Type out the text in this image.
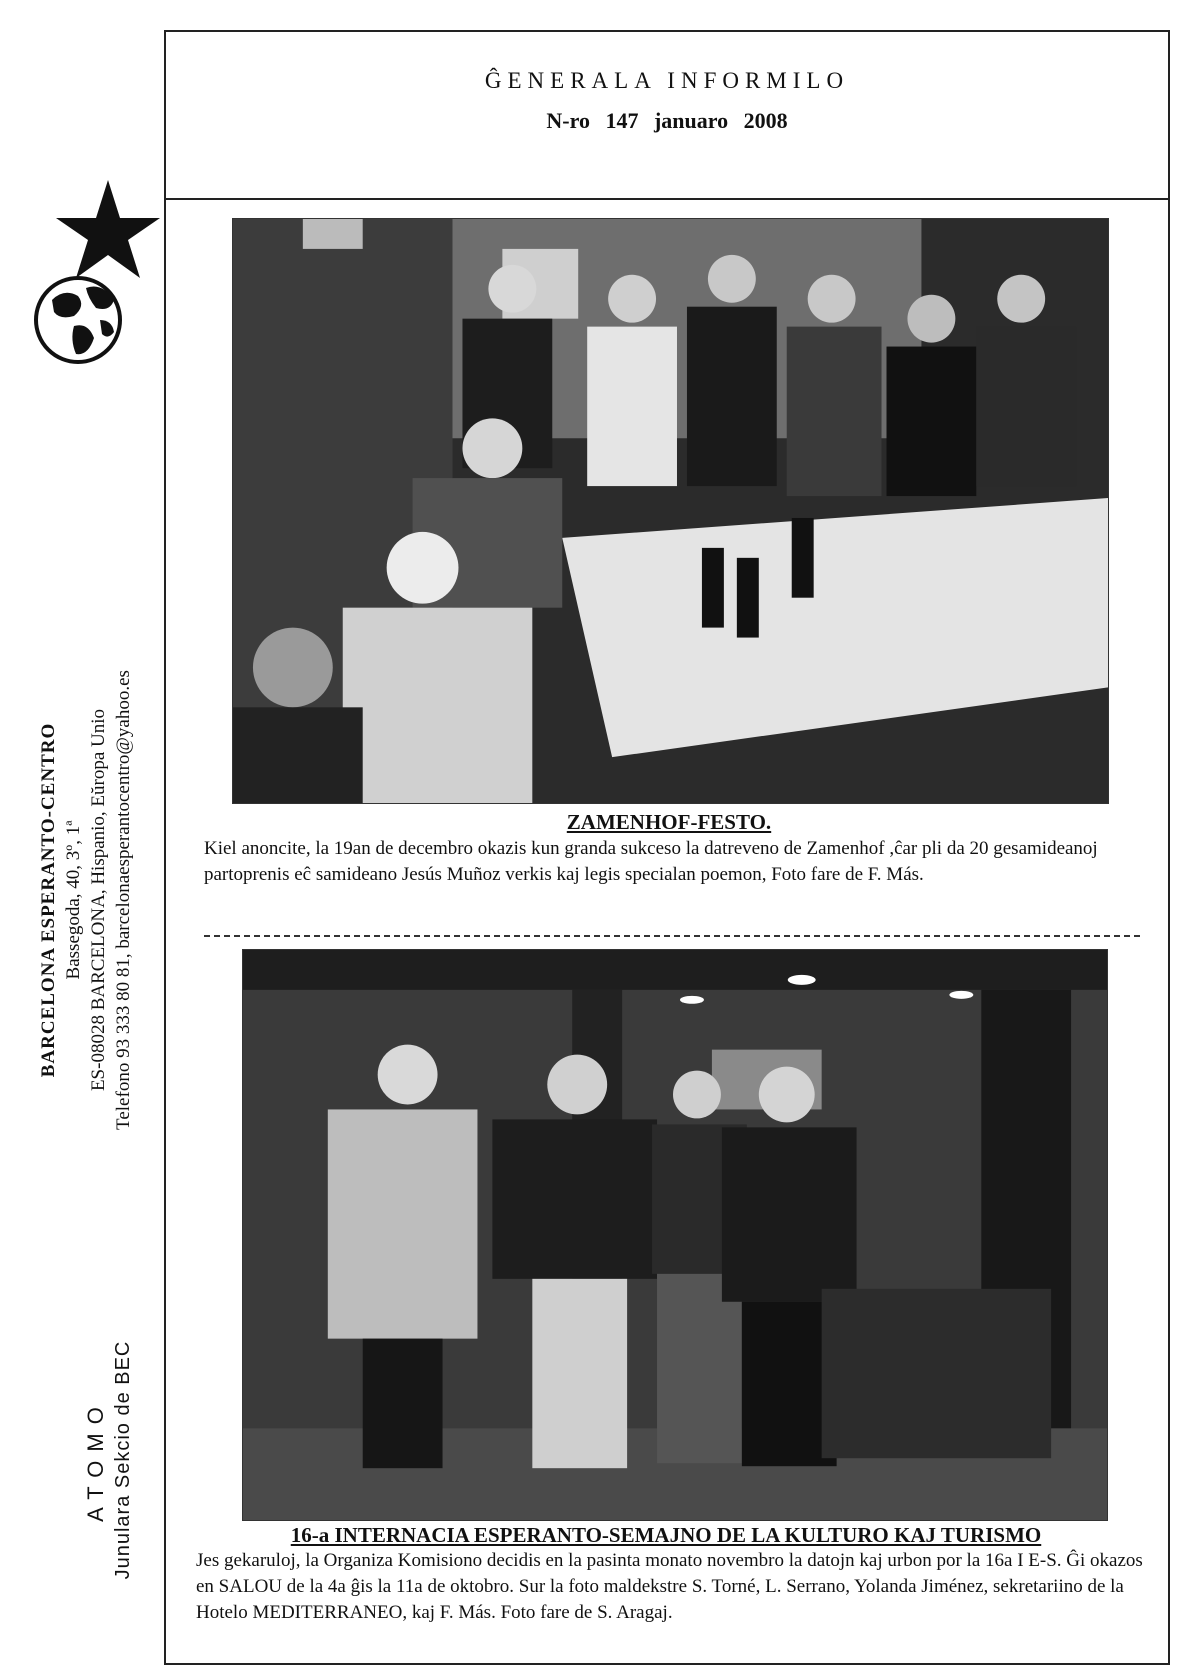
BARCELONA ESPERANTO-CENTRO Bassegoda, 40, 3º, 1ª ES-08028 BARCELONA, Hispanio, Eŭropa Unio Telefono 93 333 80 81, barcelonaesperantocentro@yahoo.es
ATOMO Junulara Sekcio de BEC
ĜENERALA INFORMILO
N-ro 147 januaro 2008
ZAMENHOF-FESTO.
Kiel anoncite, la 19an de decembro okazis kun granda sukceso la datreveno de Zamenhof ,ĉar pli da 20 gesamideanoj partoprenis eĉ samideano Jesús Muñoz verkis kaj legis specialan poemon, Foto fare de F. Más.
16-a INTERNACIA ESPERANTO-SEMAJNO DE LA KULTURO KAJ TURISMO
Jes gekaruloj, la Organiza Komisiono decidis en la pasinta monato novembro la datojn kaj urbon por la 16a I E-S. Ĝi okazos en SALOU de la 4a ĝis la 11a de oktobro. Sur la foto maldekstre S. Torné, L. Serrano, Yolanda Jiménez, sekretariino de la Hotelo MEDITERRANEO, kaj F. Más. Foto fare de S. Aragaj.
